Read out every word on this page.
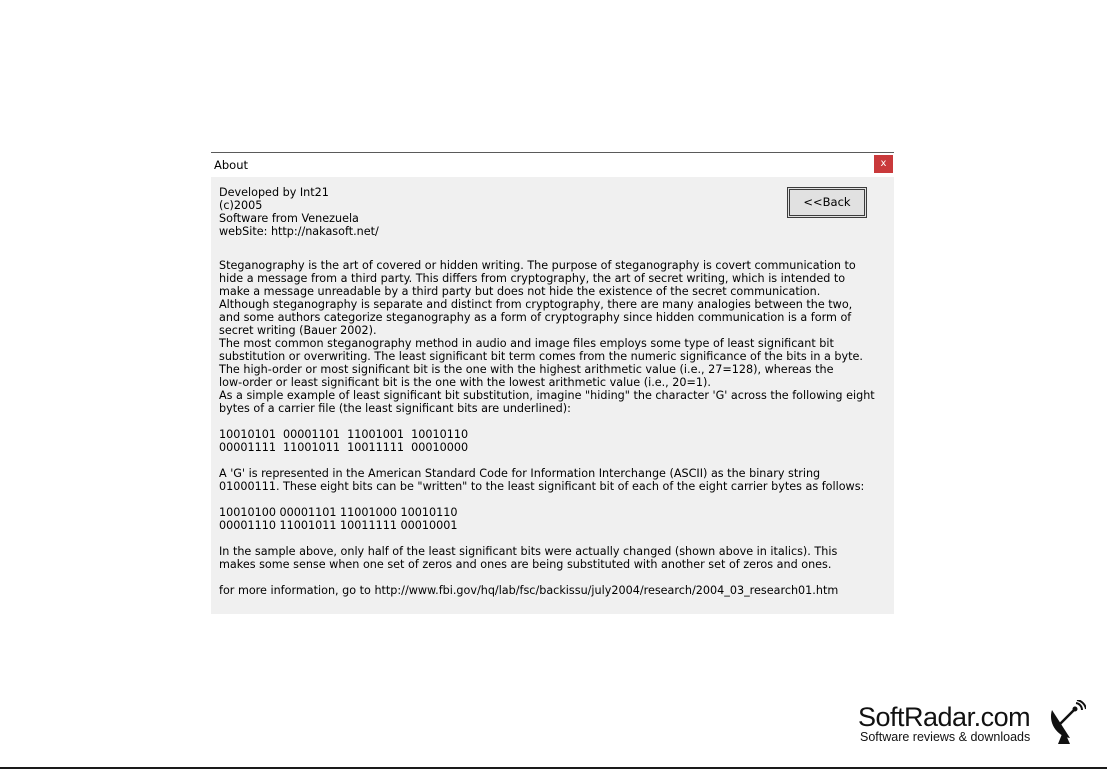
About	x
Developed by Int21
(c)2005
Software from Venezuela
webSite: http://nakasoft.net/
<<Back
Steganography is the art of covered or hidden writing. The purpose of steganography is covert communication to
hide a message from a third party. This differs from cryptography, the art of secret writing, which is intended to
make a message unreadable by a third party but does not hide the existence of the secret communication.
Although steganography is separate and distinct from cryptography, there are many analogies between the two,
and some authors categorize steganography as a form of cryptography since hidden communication is a form of
secret writing (Bauer 2002).
The most common steganography method in audio and image files employs some type of least significant bit
substitution or overwriting. The least significant bit term comes from the numeric significance of the bits in a byte.
The high-order or most significant bit is the one with the highest arithmetic value (i.e., 27=128), whereas the
low-order or least significant bit is the one with the lowest arithmetic value (i.e., 20=1).
As a simple example of least significant bit substitution, imagine "hiding" the character 'G' across the following eight
bytes of a carrier file (the least significant bits are underlined):

10010101  00001101  11001001  10010110
00001111  11001011  10011111  00010000

A 'G' is represented in the American Standard Code for Information Interchange (ASCII) as the binary string
01000111. These eight bits can be "written" to the least significant bit of each of the eight carrier bytes as follows:

10010100 00001101 11001000 10010110
00001110 11001011 10011111 00010001

In the sample above, only half of the least significant bits were actually changed (shown above in italics). This
makes some sense when one set of zeros and ones are being substituted with another set of zeros and ones.

for more information, go to http://www.fbi.gov/hq/lab/fsc/backissu/july2004/research/2004_03_research01.htm
SoftRadar.com
Software reviews & downloads
